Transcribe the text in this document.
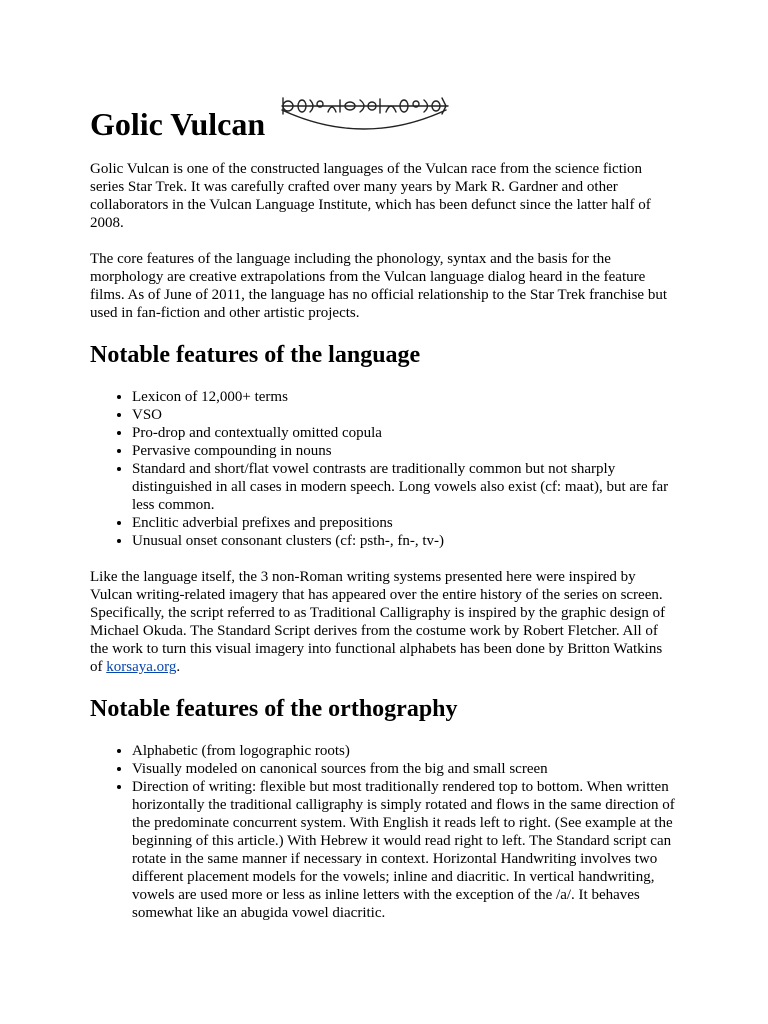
Golic Vulcan

Golic Vulcan is one of the constructed languages of the Vulcan race from the science fiction series Star Trek. It was carefully crafted over many years by Mark R. Gardner and other collaborators in the Vulcan Language Institute, which has been defunct since the latter half of 2008.

The core features of the language including the phonology, syntax and the basis for the morphology are creative extrapolations from the Vulcan language dialog heard in the feature films. As of June of 2011, the language has no official relationship to the Star Trek franchise but used in fan-fiction and other artistic projects.

Notable features of the language
• Lexicon of 12,000+ terms
• VSO
• Pro-drop and contextually omitted copula
• Pervasive compounding in nouns
• Standard and short/flat vowel contrasts are traditionally common but not sharply distinguished in all cases in modern speech. Long vowels also exist (cf: maat), but are far less common.
• Enclitic adverbial prefixes and prepositions
• Unusual onset consonant clusters (cf: psth-, fn-, tv-)

Like the language itself, the 3 non-Roman writing systems presented here were inspired by Vulcan writing-related imagery that has appeared over the entire history of the series on screen. Specifically, the script referred to as Traditional Calligraphy is inspired by the graphic design of Michael Okuda. The Standard Script derives from the costume work by Robert Fletcher. All of the work to turn this visual imagery into functional alphabets has been done by Britton Watkins of korsaya.org.

Notable features of the orthography
• Alphabetic (from logographic roots)
• Visually modeled on canonical sources from the big and small screen
• Direction of writing: flexible but most traditionally rendered top to bottom. When written horizontally the traditional calligraphy is simply rotated and flows in the same direction of the predominate concurrent system. With English it reads left to right. (See example at the beginning of this article.) With Hebrew it would read right to left. The Standard script can rotate in the same manner if necessary in context. Horizontal Handwriting involves two different placement models for the vowels; inline and diacritic. In vertical handwriting, vowels are used more or less as inline letters with the exception of the /a/. It behaves somewhat like an abugida vowel diacritic.
